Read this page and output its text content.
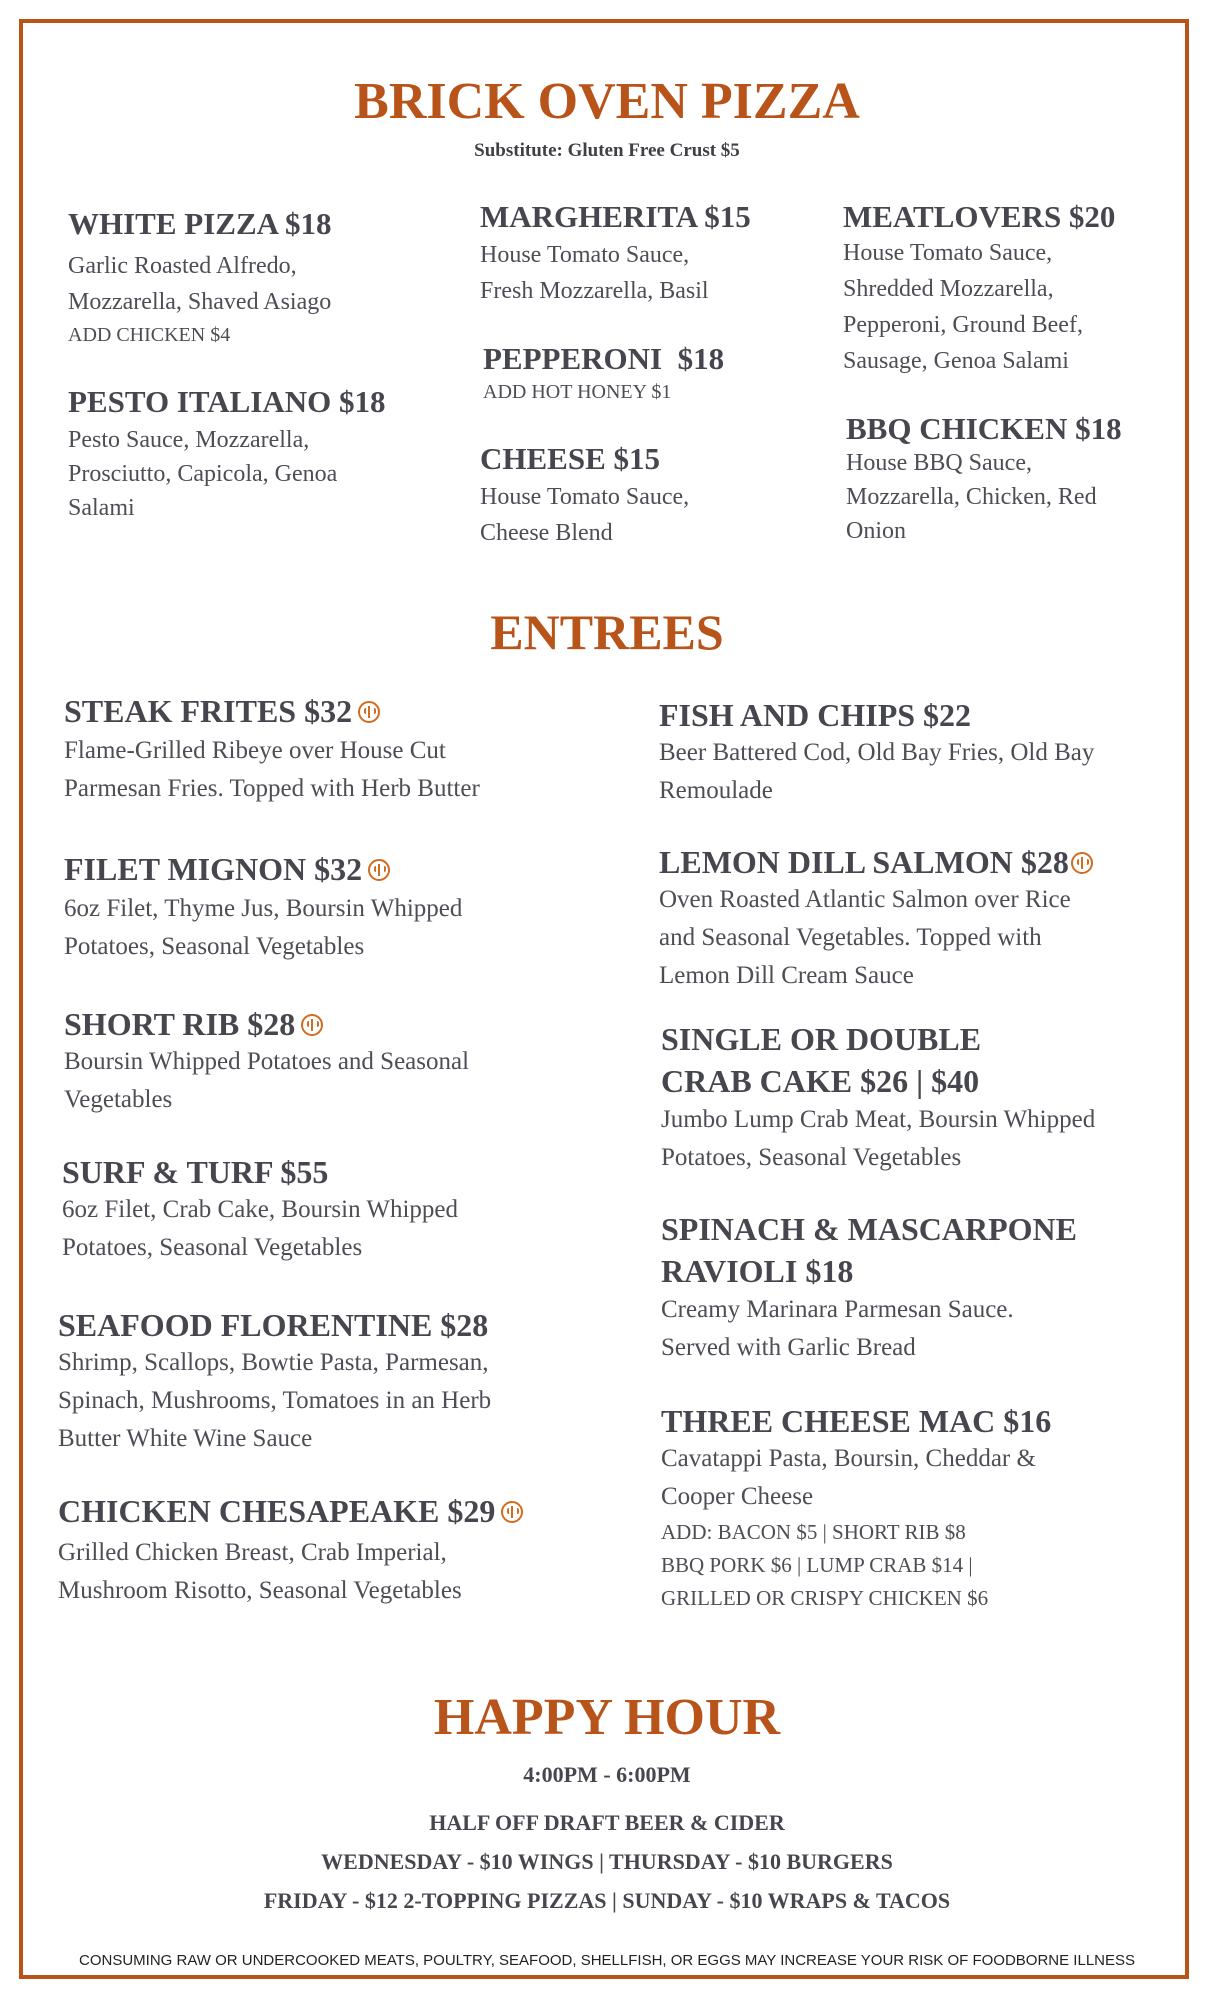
BRICK OVEN PIZZA

Substitute: Gluten Free Crust $5

WHITE PIZZA $18

Garlic Roasted Alfredo,

Mozzarella, Shaved Asiago

ADD CHICKEN $4

PESTO ITALIANO $18

Pesto Sauce, Mozzarella,

Prosciutto, Capicola, Genoa

Salami

MARGHERITA $15

House Tomato Sauce,

Fresh Mozzarella, Basil

PEPPERONI  $18

ADD HOT HONEY $1

CHEESE $15

House Tomato Sauce,

Cheese Blend

MEATLOVERS $20

House Tomato Sauce,

Shredded Mozzarella,

Pepperoni, Ground Beef,

Sausage, Genoa Salami

BBQ CHICKEN $18

House BBQ Sauce,

Mozzarella, Chicken, Red

Onion

ENTREES

STEAK FRITES $32

Flame-Grilled Ribeye over House Cut

Parmesan Fries. Topped with Herb Butter

FILET MIGNON $32

6oz Filet, Thyme Jus, Boursin Whipped

Potatoes, Seasonal Vegetables

SHORT RIB $28

Boursin Whipped Potatoes and Seasonal

Vegetables

SURF & TURF $55

6oz Filet, Crab Cake, Boursin Whipped

Potatoes, Seasonal Vegetables

SEAFOOD FLORENTINE $28

Shrimp, Scallops, Bowtie Pasta, Parmesan,

Spinach, Mushrooms, Tomatoes in an Herb

Butter White Wine Sauce

CHICKEN CHESAPEAKE $29

Grilled Chicken Breast, Crab Imperial,

Mushroom Risotto, Seasonal Vegetables

FISH AND CHIPS $22

Beer Battered Cod, Old Bay Fries, Old Bay

Remoulade

LEMON DILL SALMON $28

Oven Roasted Atlantic Salmon over Rice

and Seasonal Vegetables. Topped with

Lemon Dill Cream Sauce

SINGLE OR DOUBLE

CRAB CAKE $26 | $40

Jumbo Lump Crab Meat, Boursin Whipped

Potatoes, Seasonal Vegetables

SPINACH & MASCARPONE

RAVIOLI $18

Creamy Marinara Parmesan Sauce.

Served with Garlic Bread

THREE CHEESE MAC $16

Cavatappi Pasta, Boursin, Cheddar &

Cooper Cheese

ADD: BACON $5 | SHORT RIB $8

BBQ PORK $6 | LUMP CRAB $14 |

GRILLED OR CRISPY CHICKEN $6

HAPPY HOUR

4:00PM - 6:00PM

HALF OFF DRAFT BEER & CIDER

WEDNESDAY - $10 WINGS | THURSDAY - $10 BURGERS

FRIDAY - $12 2-TOPPING PIZZAS | SUNDAY - $10 WRAPS & TACOS

CONSUMING RAW OR UNDERCOOKED MEATS, POULTRY, SEAFOOD, SHELLFISH, OR EGGS MAY INCREASE YOUR RISK OF FOODBORNE ILLNESS
